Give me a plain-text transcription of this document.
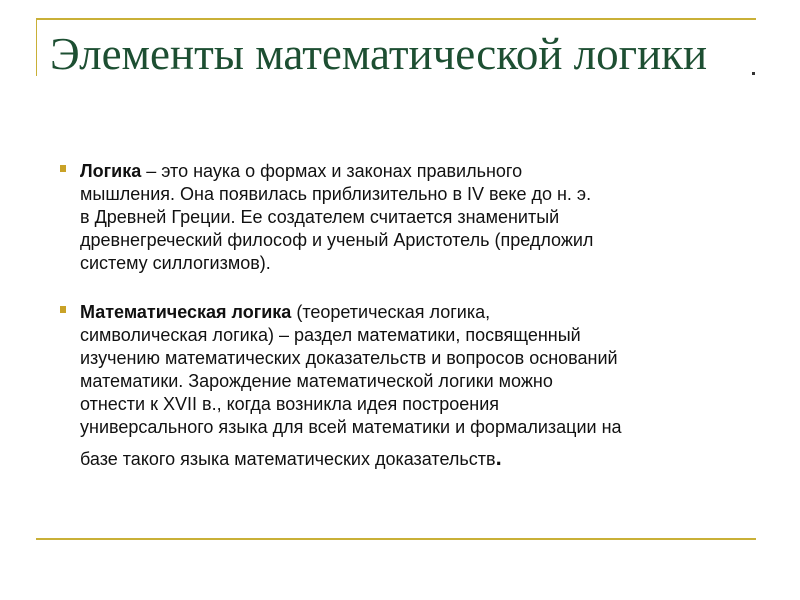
Элементы математической логики
Логика – это наука о формах и законах правильного
мышления. Она появилась приблизительно в IV веке до н. э.
в Древней Греции. Ее создателем считается знаменитый
древнегреческий философ и ученый Аристотель (предложил
систему силлогизмов).
Математическая логика (теоретическая логика,
символическая логика) – раздел математики, посвященный
изучению математических доказательств и вопросов оснований
математики. Зарождение математической логики можно
отнести к XVII в., когда возникла идея построения
универсального языка для всей математики и формализации на
базе такого языка математических доказательств.
